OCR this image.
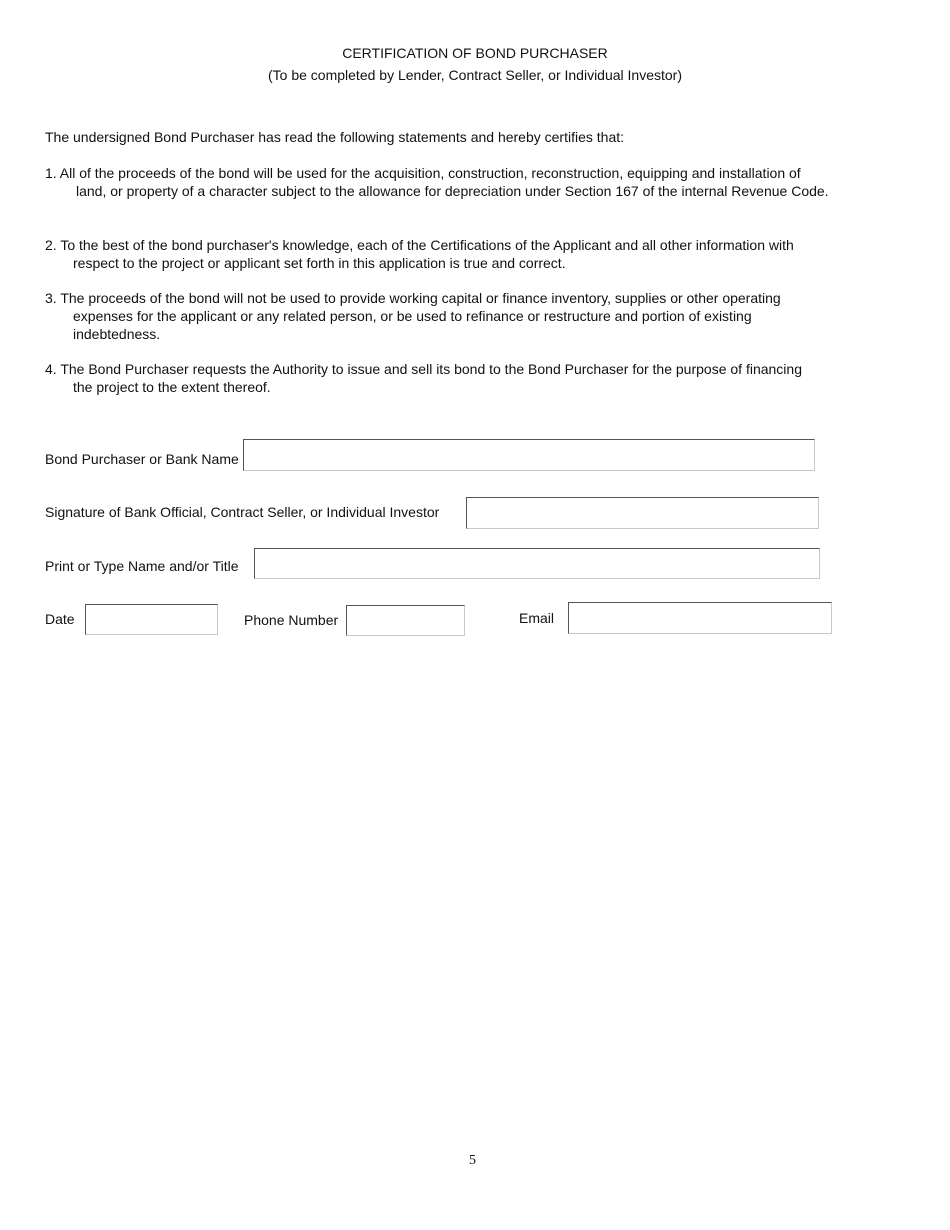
CERTIFICATION OF BOND PURCHASER
(To be completed by Lender, Contract Seller, or Individual Investor)
The undersigned Bond Purchaser has read the following statements and hereby certifies that:
1. All of the proceeds of the bond will be used for the acquisition, construction, reconstruction, equipping and installation of
land, or property of a character subject to the allowance for depreciation under Section 167 of the internal Revenue Code.
2. To the best of the bond purchaser's knowledge, each of the Certifications of the Applicant and all other information with
respect to the project or applicant set forth in this application is true and correct.
3. The proceeds of the bond will not be used to provide working capital or finance inventory, supplies or other operating
expenses for the applicant or any related person, or be used to refinance or restructure and portion of existing indebtedness.
4. The Bond Purchaser requests the Authority to issue and sell its bond to the Bond Purchaser for the purpose of financing
the project to the extent thereof.
Bond Purchaser or Bank Name
Signature of Bank Official, Contract Seller, or Individual Investor
Print or Type Name and/or Title
Date	Phone Number	Email
5
